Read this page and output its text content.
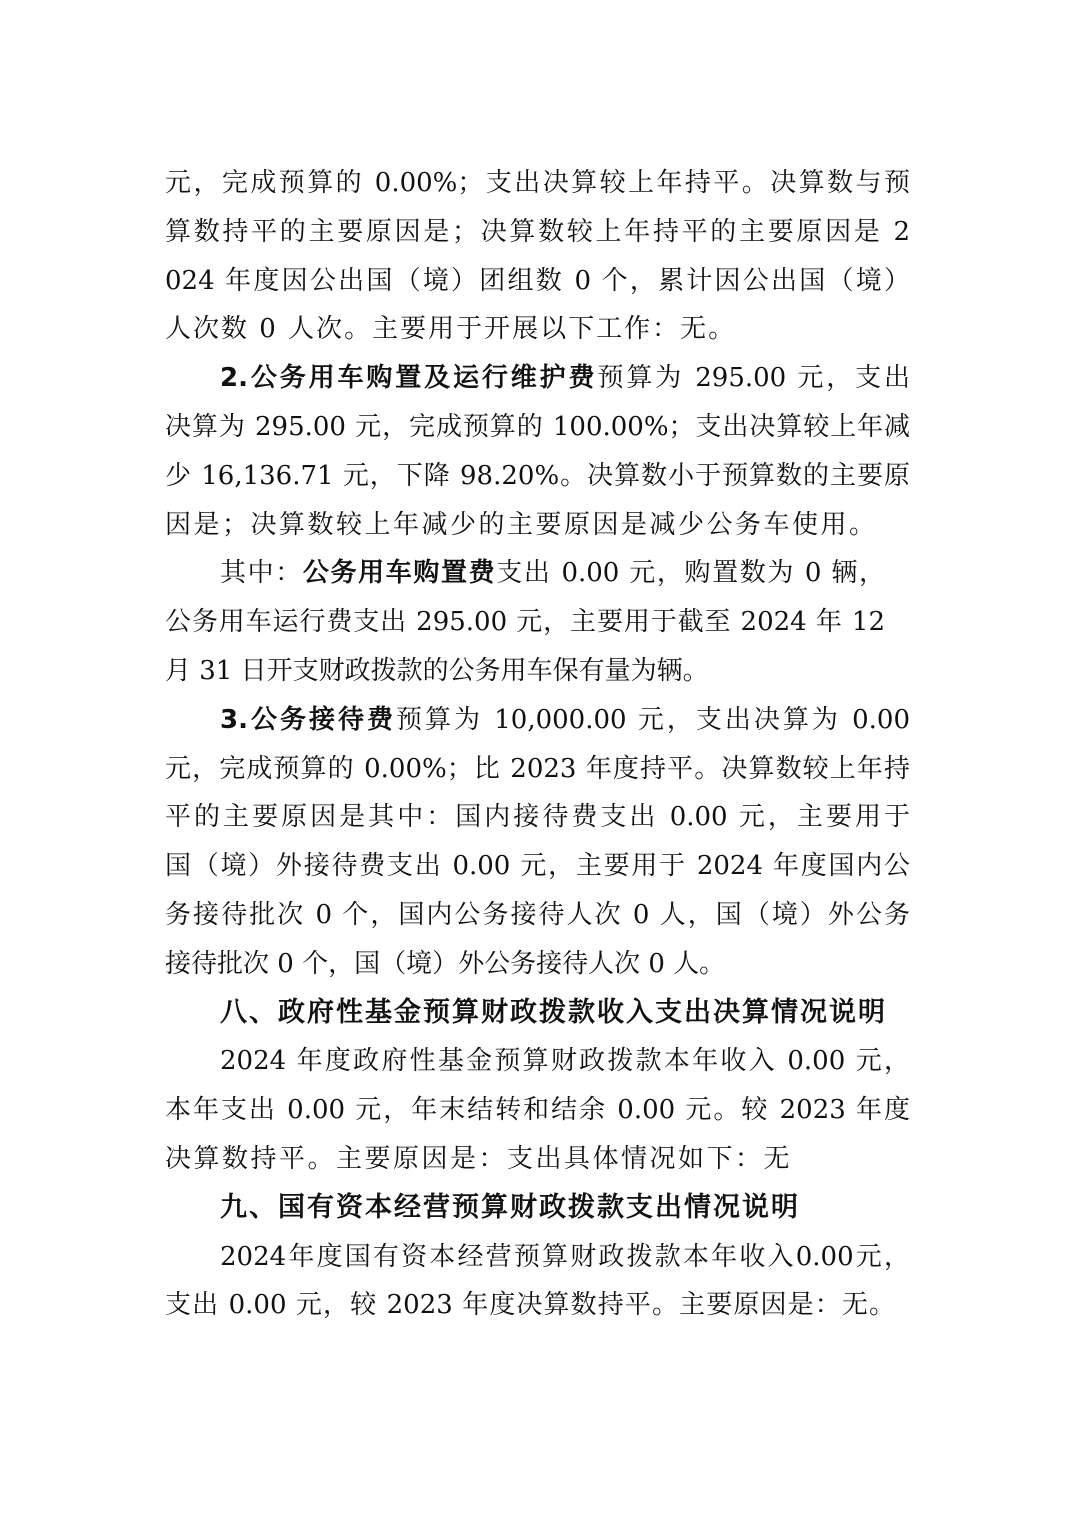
元，完成预算的 0.00%；支出决算较上年持平。决算数与预
算数持平的主要原因是；决算数较上年持平的主要原因是 2
024 年度因公出国（境）团组数 0 个，累计因公出国（境）
人次数 0 人次。主要用于开展以下工作：无。
2.公务用车购置及运行维护费预算为 295.00 元，支出
决算为 295.00 元，完成预算的 100.00%；支出决算较上年减
少 16,136.71 元，下降 98.20%。决算数小于预算数的主要原
因是；决算数较上年减少的主要原因是减少公务车使用。
其中：公务用车购置费支出 0.00 元，购置数为 0 辆，
公务用车运行费支出 295.00 元，主要用于截至 2024 年 12
月 31 日开支财政拨款的公务用车保有量为辆。
3.公务接待费预算为 10,000.00 元，支出决算为 0.00
元，完成预算的 0.00%；比 2023 年度持平。决算数较上年持
平的主要原因是其中：国内接待费支出 0.00 元，主要用于
国（境）外接待费支出 0.00 元，主要用于 2024 年度国内公
务接待批次 0 个，国内公务接待人次 0 人，国（境）外公务
接待批次 0 个，国（境）外公务接待人次 0 人。
八、政府性基金预算财政拨款收入支出决算情况说明
2024 年度政府性基金预算财政拨款本年收入 0.00 元，
本年支出 0.00 元，年末结转和结余 0.00 元。较 2023 年度
决算数持平。主要原因是：支出具体情况如下：无
九、国有资本经营预算财政拨款支出情况说明
2024年度国有资本经营预算财政拨款本年收入0.00元，
支出 0.00 元，较 2023 年度决算数持平。主要原因是：无。
